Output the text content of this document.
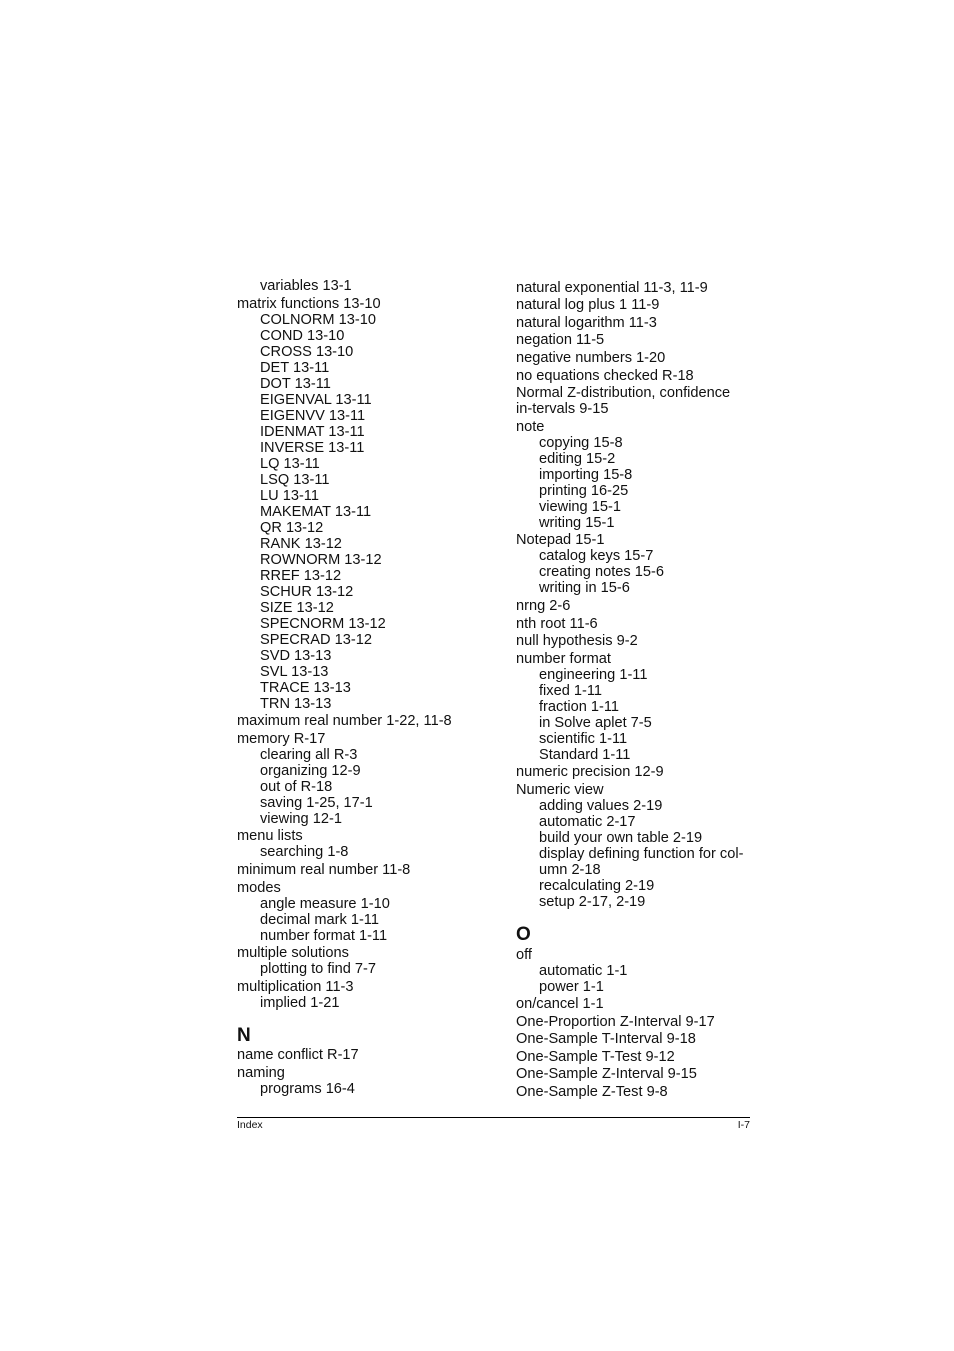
variables 13-1
matrix functions 13-10
COLNORM 13-10
COND 13-10
CROSS 13-10
DET 13-11
DOT 13-11
EIGENVAL 13-11
EIGENVV 13-11
IDENMAT 13-11
INVERSE 13-11
LQ 13-11
LSQ 13-11
LU 13-11
MAKEMAT 13-11
QR 13-12
RANK 13-12
ROWNORM 13-12
RREF 13-12
SCHUR 13-12
SIZE 13-12
SPECNORM 13-12
SPECRAD 13-12
SVD 13-13
SVL 13-13
TRACE 13-13
TRN 13-13
maximum real number 1-22, 11-8
memory R-17
clearing all R-3
organizing 12-9
out of R-18
saving 1-25, 17-1
viewing 12-1
menu lists
searching 1-8
minimum real number 11-8
modes
angle measure 1-10
decimal mark 1-11
number format 1-11
multiple solutions
plotting to find 7-7
multiplication 11-3
implied 1-21
N
name conflict R-17
naming
programs 16-4
natural exponential 11-3, 11-9
natural log plus 1 11-9
natural logarithm 11-3
negation 11-5
negative numbers 1-20
no equations checked R-18
Normal Z-distribution, confidence in-tervals 9-15
note
copying 15-8
editing 15-2
importing 15-8
printing 16-25
viewing 15-1
writing 15-1
Notepad 15-1
catalog keys 15-7
creating notes 15-6
writing in 15-6
nrng 2-6
nth root 11-6
null hypothesis 9-2
number format
engineering 1-11
fixed 1-11
fraction 1-11
in Solve aplet 7-5
scientific 1-11
Standard 1-11
numeric precision 12-9
Numeric view
adding values 2-19
automatic 2-17
build your own table 2-19
display defining function for col-umn 2-18
recalculating 2-19
setup 2-17, 2-19
O
off
automatic 1-1
power 1-1
on/cancel 1-1
One-Proportion Z-Interval 9-17
One-Sample T-Interval 9-18
One-Sample T-Test 9-12
One-Sample Z-Interval 9-15
One-Sample Z-Test 9-8
Index	I-7
